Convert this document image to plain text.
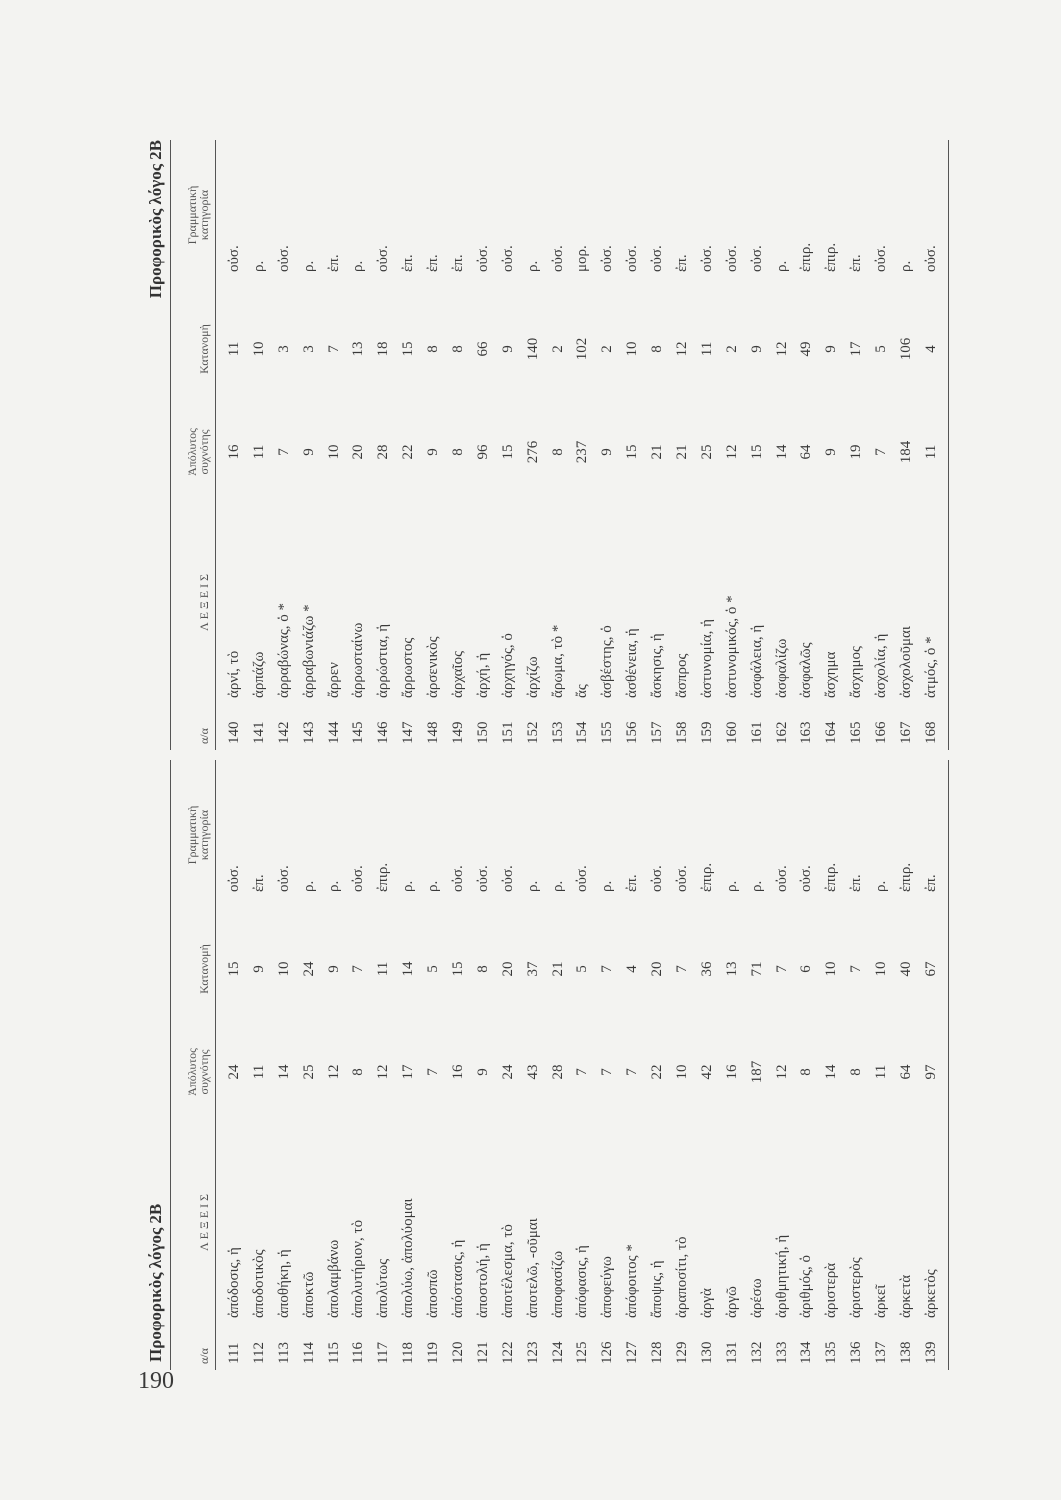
190
Προφορικὸς λόγος 2Β	α/α
ΛΕΞΕΙΣ
Ἀπόλυτος
συχνότης
Κατανομὴ
Γραμματικὴ
κατηγορία
111
ἀπόδοσις, ἡ
24
15
οὐσ.
112
ἀποδοτικὸς
11
9
ἐπ.
113
ἀποθήκη, ἡ
14
10
οὐσ.
114
ἀποκτῶ
25
24
ρ.
115
ἀπολαμβάνω
12
9
ρ.
116
ἀπολυτήριον, τὸ
8
7
οὐσ.
117
ἀπολύτως
12
11
ἐπιρ.
118
ἀπολύω, ἀπολύομαι
17
14
ρ.
119
ἀποσπῶ
7
5
ρ.
120
ἀπόστασις, ἡ
16
15
οὐσ.
121
ἀποστολή, ἡ
9
8
οὐσ.
122
ἀποτέλεσμα, τὸ
24
20
οὐσ.
123
ἀποτελῶ, -οῦμαι
43
37
ρ.
124
ἀποφασίζω
28
21
ρ.
125
ἀπόφασις, ἡ
7
5
οὐσ.
126
ἀποφεύγω
7
7
ρ.
127
ἀπόφοιτος *
7
4
ἐπ.
128
ἄποψις, ἡ
22
20
οὐσ.
129
ἀραποσίτι, τὸ
10
7
οὐσ.
130
ἀργὰ
42
36
ἐπιρ.
131
ἀργῶ
16
13
ρ.
132
ἀρέσω
187
71
ρ.
133
ἀριθμητική, ἡ
12
7
οὐσ.
134
ἀριθμός, ὁ
8
6
οὐσ.
135
ἀριστερὰ
14
10
ἐπιρ.
136
ἀριστερὸς
8
7
ἐπ.
137
ἀρκεῖ
11
10
ρ.
138
ἀρκετὰ
64
40
ἐπιρ.
139
ἀρκετὸς
97
67
ἐπ.
Προφορικὸς λόγος 2Β
α/α
ΛΕΞΕΙΣ
Ἀπόλυτος
συχνότης
Κατανομὴ
Γραμματικὴ
κατηγορία
140
ἀρνί, τὸ
16
11
οὐσ.
141
ἁρπάζω
11
10
ρ.
142
ἀρραβώνας, ὁ *
7
3
οὐσ.
143
ἀρραβωνιάζω *
9
3
ρ.
144
ἄρρεν
10
7
ἐπ.
145
ἀρρωσταίνω
20
13
ρ.
146
ἀρρώστια, ἡ
28
18
οὐσ.
147
ἄρρωστος
22
15
ἐπ.
148
ἀρσενικὸς
9
8
ἐπ.
149
ἀρχαῖος
8
8
ἐπ.
150
ἀρχή, ἡ
96
66
οὐσ.
151
ἀρχηγός, ὁ
15
9
οὐσ.
152
ἀρχίζω
276
140
ρ.
153
ἄρωμα, τὸ *
8
2
οὐσ.
154
ἄς
237
102
μορ.
155
ἀσβέστης, ὁ
9
2
οὐσ.
156
ἀσθένεια, ἡ
15
10
οὐσ.
157
ἄσκησις, ἡ
21
8
οὐσ.
158
ἄσπρος
21
12
ἐπ.
159
ἀστυνομία, ἡ
25
11
οὐσ.
160
ἀστυνομικός, ὁ *
12
2
οὐσ.
161
ἀσφάλεια, ἡ
15
9
οὐσ.
162
ἀσφαλίζω
14
12
ρ.
163
ἀσφαλῶς
64
49
ἐπιρ.
164
ἄσχημα
9
9
ἐπιρ.
165
ἄσχημος
19
17
ἐπ.
166
ἀσχολία, ἡ
7
5
οὐσ.
167
ἀσχολοῦμαι
184
106
ρ.
168
ἀτμός, ὁ *
11
4
οὐσ.
